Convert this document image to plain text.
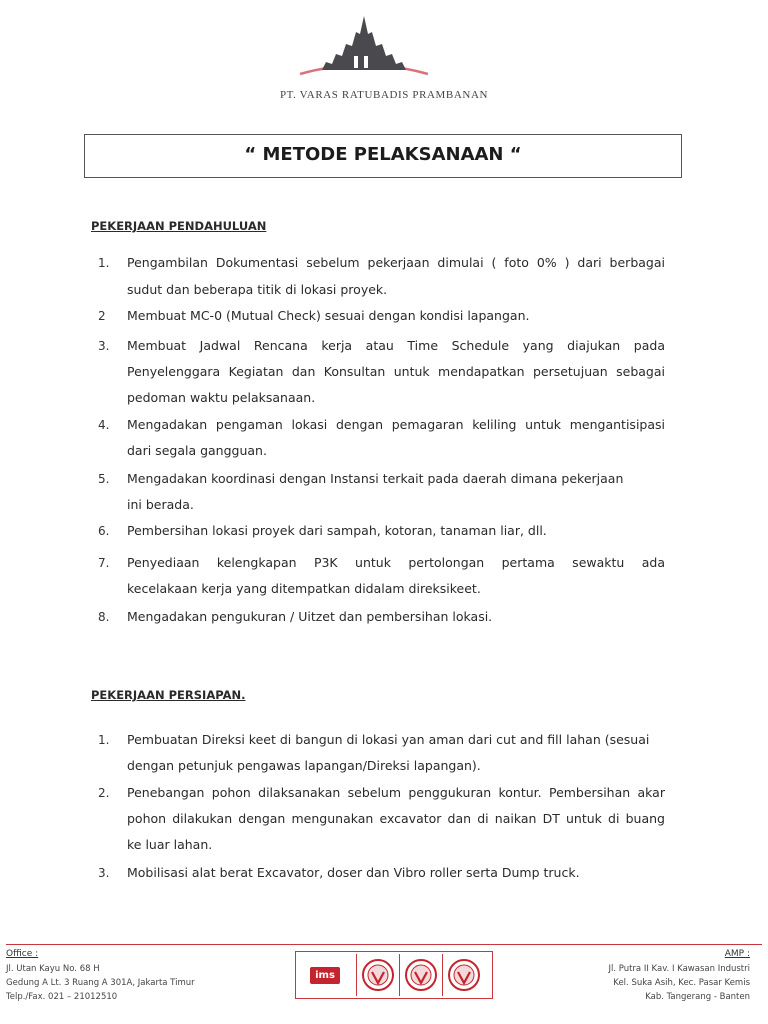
PT. VARAS RATUBADIS PRAMBANAN
“ METODE PELAKSANAAN “
PEKERJAAN PENDAHULUAN
1. Pengambilan Dokumentasi sebelum pekerjaan dimulai ( foto 0% ) dari berbagai
sudut dan beberapa titik di lokasi proyek.
2 Membuat MC-0 (Mutual Check) sesuai dengan kondisi lapangan.
3. Membuat Jadwal Rencana kerja atau Time Schedule yang diajukan pada
Penyelenggara Kegiatan dan Konsultan untuk mendapatkan persetujuan sebagai
pedoman waktu pelaksanaan.
4. Mengadakan pengaman lokasi dengan pemagaran keliling untuk mengantisipasi
dari segala gangguan.
5. Mengadakan koordinasi dengan Instansi terkait pada daerah dimana pekerjaan
ini berada.
6. Pembersihan lokasi proyek dari sampah, kotoran, tanaman liar, dll.
7. Penyediaan kelengkapan P3K untuk pertolongan pertama sewaktu ada
kecelakaan kerja yang ditempatkan didalam direksikeet.
8. Mengadakan pengukuran / Uitzet dan pembersihan lokasi.
PEKERJAAN PERSIAPAN.
1. Pembuatan Direksi keet di bangun di lokasi yan aman dari cut and fill lahan (sesuai
dengan petunjuk pengawas lapangan/Direksi lapangan).
2. Penebangan pohon dilaksanakan sebelum penggukuran kontur. Pembersihan akar
pohon dilakukan dengan mengunakan excavator dan di naikan DT untuk di buang
ke luar lahan.
3. Mobilisasi alat berat Excavator, doser dan Vibro roller serta Dump truck.
Office :
Jl. Utan Kayu No. 68 H
Gedung A Lt. 3 Ruang A 301A, Jakarta Timur
Telp./Fax. 021 – 21012510
ims
AMP :
Jl. Putra II Kav. I Kawasan Industri
Kel. Suka Asih, Kec. Pasar Kemis
Kab. Tangerang - Banten
